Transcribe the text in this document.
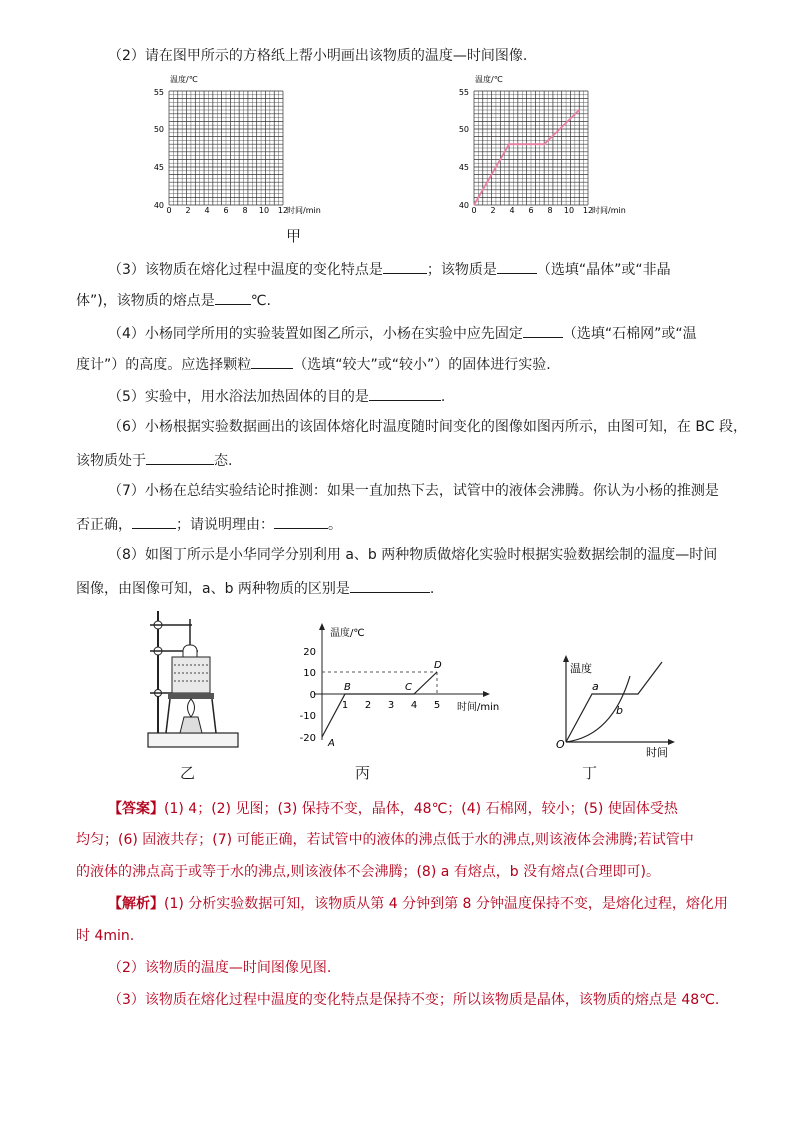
（2）请在图甲所示的方格纸上帮小明画出该物质的温度—时间图像.
温度/℃
55
50
45
40
0 2 4 6 8 10 12
时间/min
甲
温度/℃
55
50
45
40
0 2 4 6 8 10 12
时间/min
（3）该物质在熔化过程中温度的变化特点是	；该物质是	（选填“晶体”或“非晶
体”)，该物质的熔点是	℃.
（4）小杨同学所用的实验装置如图乙所示，小杨在实验中应先固定	（选填“石棉网”或“温
度计”）的高度。应选择颗粒	（选填“较大”或“较小”）的固体进行实验.
（5）实验中，用水浴法加热固体的目的是	.
（6）小杨根据实验数据画出的该固体熔化时温度随时间变化的图像如图丙所示，由图可知，在 BC 段，
该物质处于	态.
（7）小杨在总结实验结论时推测：如果一直加热下去，试管中的液体会沸腾。你认为小杨的推测是
否正确，	；请说明理由：	。
（8）如图丁所示是小华同学分别利用 a、b 两种物质做熔化实验时根据实验数据绘制的温度—时间
图像，由图像可知，a、b 两种物质的区别是	.
乙
温度/℃
时间/min
20
10
0
-10
-20
1 2 3 4 5
A
B	C
D
丙
温度
时间
O
a
b
丁
【答案】(1) 4；(2) 见图；(3) 保持不变，晶体，48℃；(4) 石棉网，较小；(5) 使固体受热
均匀；(6) 固液共存；(7) 可能正确，若试管中的液体的沸点低于水的沸点,则该液体会沸腾;若试管中
的液体的沸点高于或等于水的沸点,则该液体不会沸腾；(8) a 有熔点，b 没有熔点(合理即可)。
【解析】(1) 分析实验数据可知，该物质从第 4 分钟到第 8 分钟温度保持不变，是熔化过程，熔化用
时 4min.
（2）该物质的温度—时间图像见图.
（3）该物质在熔化过程中温度的变化特点是保持不变；所以该物质是晶体，该物质的熔点是 48℃.
